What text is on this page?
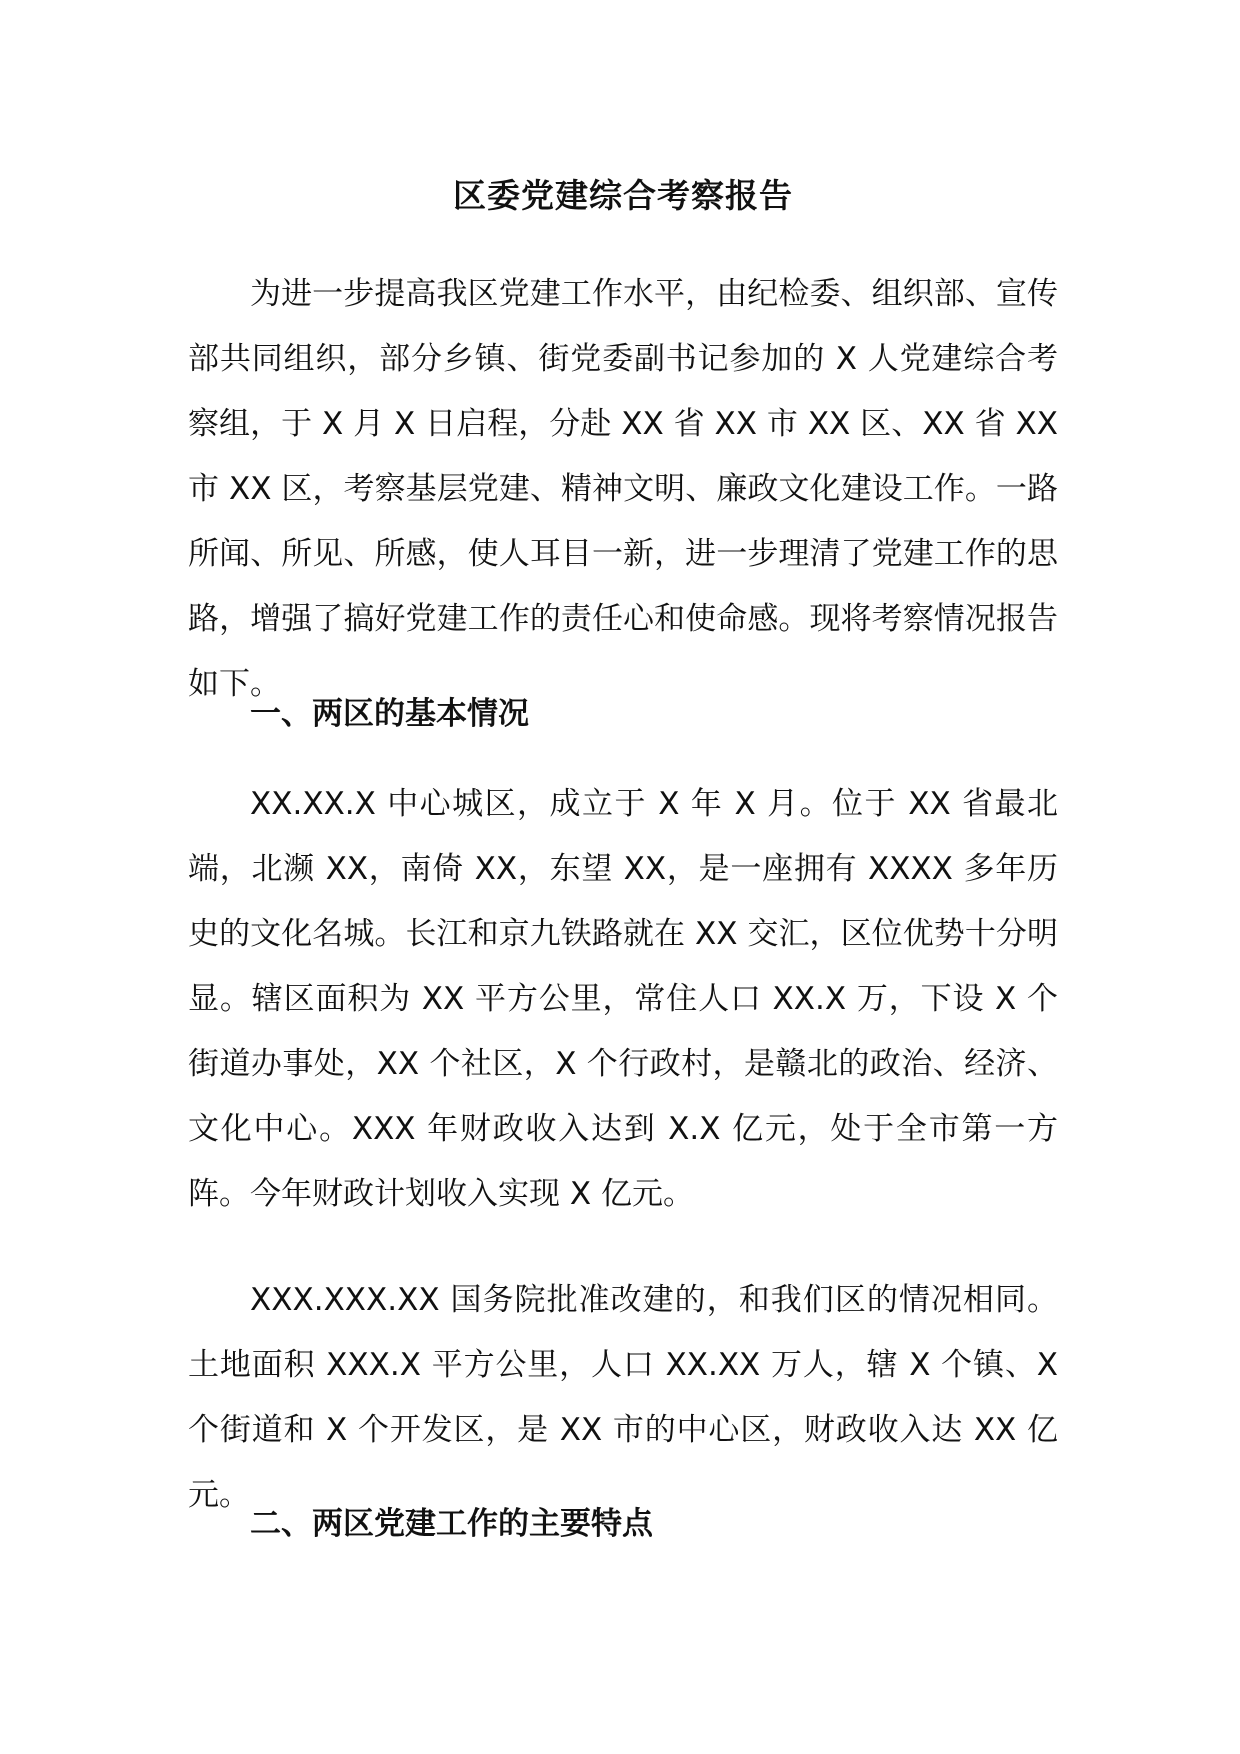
区委党建综合考察报告

为进一步提高我区党建工作水平，由纪检委、组织部、宣传部共同组织，部分乡镇、街党委副书记参加的 X 人党建综合考察组，于 X 月 X 日启程，分赴 XX 省 XX 市 XX 区、XX 省 XX 市 XX 区，考察基层党建、精神文明、廉政文化建设工作。一路所闻、所见、所感，使人耳目一新，进一步理清了党建工作的思路，增强了搞好党建工作的责任心和使命感。现将考察情况报告如下。

一、两区的基本情况

XX.XX.X 中心城区，成立于 X 年 X 月。位于 XX 省最北端，北濒 XX，南倚 XX，东望 XX，是一座拥有 XXXX 多年历史的文化名城。长江和京九铁路就在 XX 交汇，区位优势十分明显。辖区面积为 XX 平方公里，常住人口 XX.X 万，下设 X 个街道办事处，XX 个社区，X 个行政村，是赣北的政治、经济、文化中心。XXX 年财政收入达到 X.X 亿元，处于全市第一方阵。今年财政计划收入实现 X 亿元。

XXX.XXX.XX 国务院批准改建的，和我们区的情况相同。土地面积 XXX.X 平方公里，人口 XX.XX 万人，辖 X 个镇、X 个街道和 X 个开发区，是 XX 市的中心区，财政收入达 XX 亿元。

二、两区党建工作的主要特点
